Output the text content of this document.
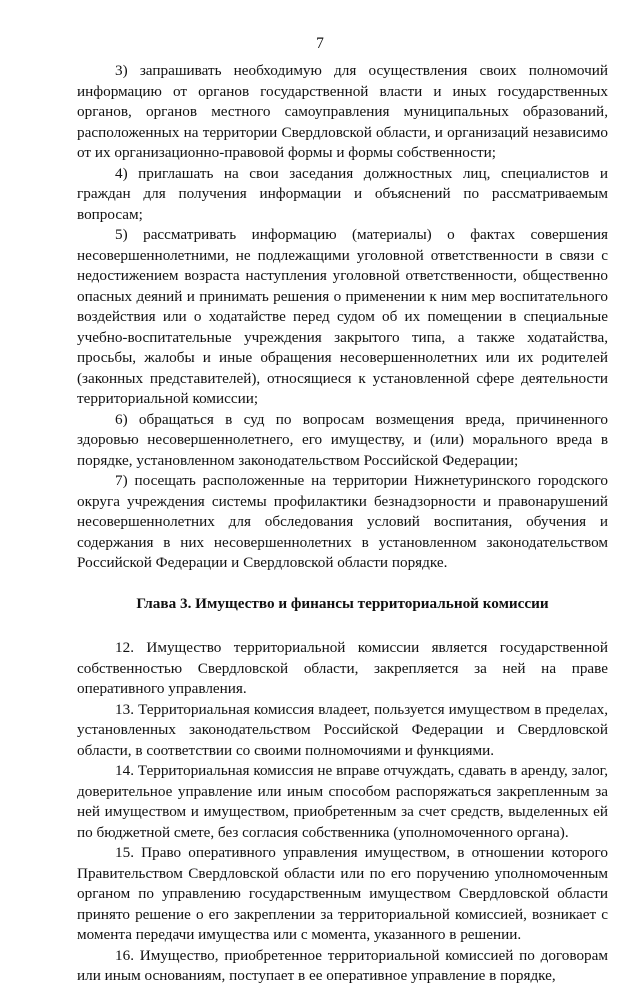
7

3) запрашивать необходимую для осуществления своих полномочий информацию от органов государственной власти и иных государственных органов, органов местного самоуправления муниципальных образований, расположенных на территории Свердловской области, и организаций независимо от их организационно-правовой формы и формы собственности;

4) приглашать на свои заседания должностных лиц, специалистов и граждан для получения информации и объяснений по рассматриваемым вопросам;

5) рассматривать информацию (материалы) о фактах совершения несовершеннолетними, не подлежащими уголовной ответственности в связи с недостижением возраста наступления уголовной ответственности, общественно опасных деяний и принимать решения о применении к ним мер воспитательного воздействия или о ходатайстве перед судом об их помещении в специальные учебно-воспитательные учреждения закрытого типа, а также ходатайства, просьбы, жалобы и иные обращения несовершеннолетних или их родителей (законных представителей), относящиеся к установленной сфере деятельности территориальной комиссии;

6) обращаться в суд по вопросам возмещения вреда, причиненного здоровью несовершеннолетнего, его имуществу, и (или) морального вреда в порядке, установленном законодательством Российской Федерации;

7) посещать расположенные на территории Нижнетуринского городского округа учреждения системы профилактики безнадзорности и правонарушений несовершеннолетних для обследования условий воспитания, обучения и содержания в них несовершеннолетних в установленном законодательством Российской Федерации и Свердловской области порядке.

Глава 3. Имущество и финансы территориальной комиссии

12. Имущество территориальной комиссии является государственной собственностью Свердловской области, закрепляется за ней на праве оперативного управления.

13. Территориальная комиссия владеет, пользуется имуществом в пределах, установленных законодательством Российской Федерации и Свердловской области, в соответствии со своими полномочиями и функциями.

14. Территориальная комиссия не вправе отчуждать, сдавать в аренду, залог, доверительное управление или иным способом распоряжаться закрепленным за ней имуществом и имуществом, приобретенным за счет средств, выделенных ей по бюджетной смете, без согласия собственника (уполномоченного органа).

15. Право оперативного управления имуществом, в отношении которого Правительством Свердловской области или по его поручению уполномоченным органом по управлению государственным имуществом Свердловской области принято решение о его закреплении за территориальной комиссией, возникает с момента передачи имущества или с момента, указанного в решении.

16. Имущество, приобретенное территориальной комиссией по договорам или иным основаниям, поступает в ее оперативное управление в порядке,
